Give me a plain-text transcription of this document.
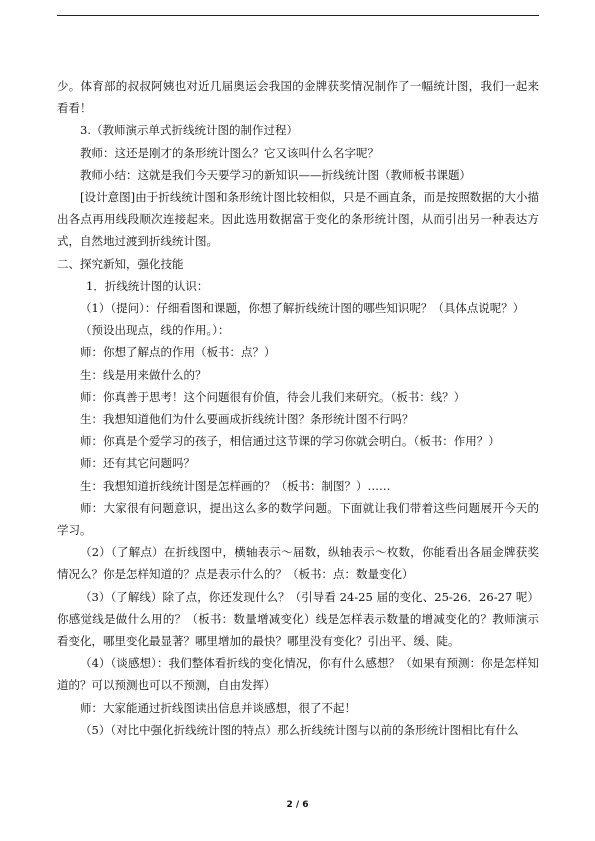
少。体育部的叔叔阿姨也对近几届奥运会我国的金牌获奖情况制作了一幅统计图，我们一起来看看！

3.（教师演示单式折线统计图的制作过程）

教师：这还是刚才的条形统计图么？它又该叫什么名字呢？

教师小结：这就是我们今天要学习的新知识——折线统计图（教师板书课题）

[设计意图]由于折线统计图和条形统计图比较相似，只是不画直条，而是按照数据的大小描出各点再用线段顺次连接起来。因此选用数据富于变化的条形统计图，从而引出另一种表达方式，自然地过渡到折线统计图。

二、探究新知，强化技能

1．折线统计图的认识：

（1）（提问）：仔细看图和课题，你想了解折线统计图的哪些知识呢？（具体点说呢？）

（预设出现点，线的作用。）：

师：你想了解点的作用（板书：点？）

生：线是用来做什么的？

师：你真善于思考！这个问题很有价值，待会儿我们来研究。（板书：线？）

生：我想知道他们为什么要画成折线统计图？条形统计图不行吗？

师：你真是个爱学习的孩子，相信通过这节课的学习你就会明白。（板书：作用？）

师：还有其它问题吗？

生：我想知道折线统计图是怎样画的？（板书：制图？）……

师：大家很有问题意识，提出这么多的数学问题。下面就让我们带着这些问题展开今天的学习。

（2）（了解点）在折线图中，横轴表示～届数，纵轴表示～枚数，你能看出各届金牌获奖情况么？你是怎样知道的？点是表示什么的？（板书：点：数量变化）

（3）（了解线）除了点，你还发现什么？（引导看 24-25 届的变化、25-26．26-27 呢）你感觉线是做什么用的？（板书：数量增减变化）线是怎样表示数量的增减变化的？教师演示看变化，哪里变化最显著？哪里增加的最快？哪里没有变化？引出平、缓、陡。

（4）（谈感想）：我们整体看折线的变化情况，你有什么感想？（如果有预测：你是怎样知道的？可以预测也可以不预测，自由发挥）

师：大家能通过折线图读出信息并谈感想，很了不起！

（5）（对比中强化折线统计图的特点）那么折线统计图与以前的条形统计图相比有什么

2 / 6
